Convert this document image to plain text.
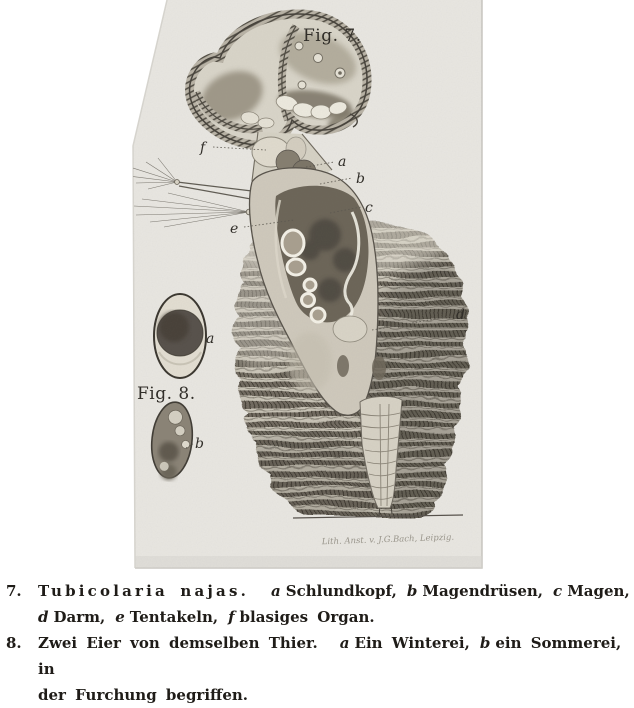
7.	Tubicolaria najas. a Schlundkopf, b Magendrüsen, c Magen,
d Darm, e Tentakeln, f blasiges Organ.
8.	Zwei Eier von demselben Thier. a Ein Winterei, b ein Sommerei, in
der Furchung begriffen.
